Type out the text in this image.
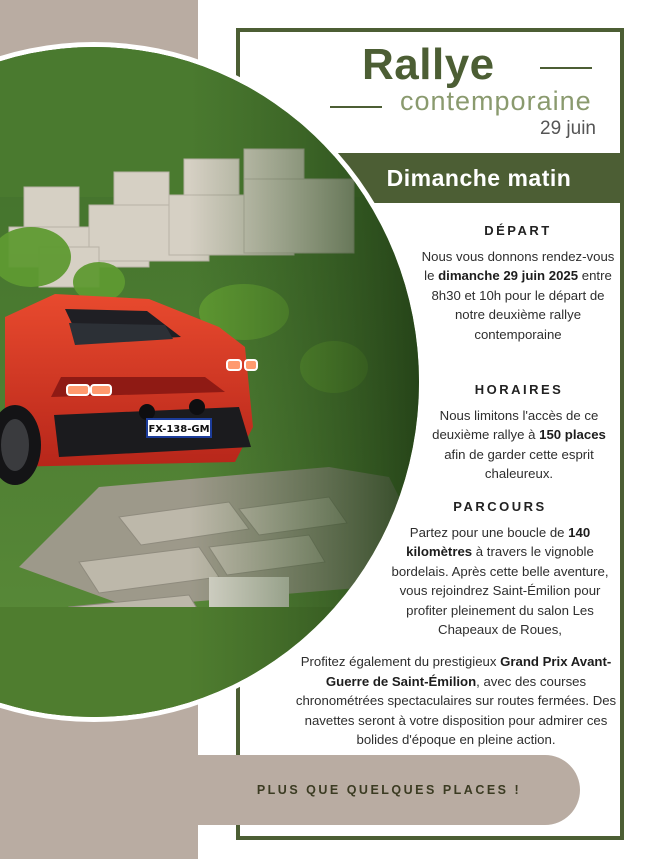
Rallye
contemporaine
29 juin
Dimanche matin
FX-138-GM
DÉPART
Nous vous donnons rendez-vous le dimanche 29 juin 2025 entre 8h30 et 10h pour le départ de notre deuxième rallye contemporaine
HORAIRES
Nous limitons l'accès de ce deuxième rallye à 150 places afin de garder cette esprit chaleureux.
PARCOURS
Partez pour une boucle de 140 kilomètres à travers le vignoble bordelais. Après cette belle aventure, vous rejoindrez Saint-Émilion pour profiter pleinement du salon Les Chapeaux de Roues,
Profitez également du prestigieux Grand Prix Avant-Guerre de Saint-Émilion, avec des courses chronométrées spectaculaires sur routes fermées. Des navettes seront à votre disposition pour admirer ces bolides d'époque en pleine action.
PLUS QUE QUELQUES PLACES !
